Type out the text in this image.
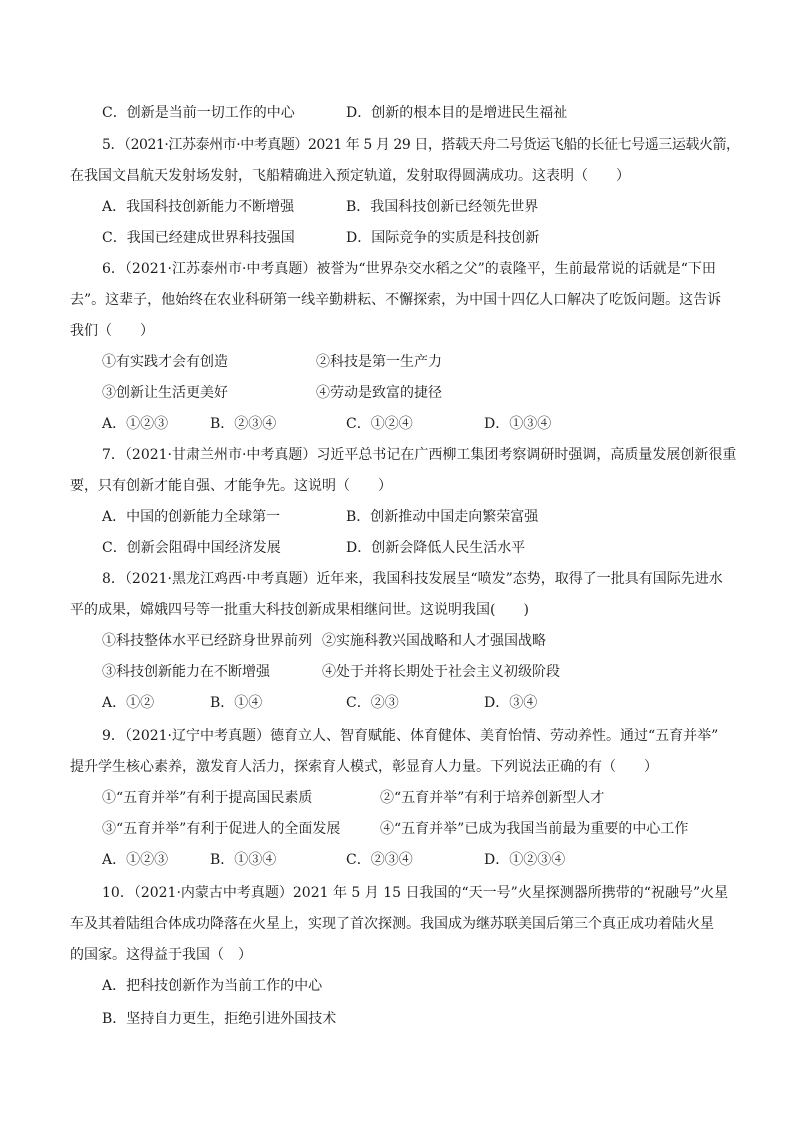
C．创新是当前一切工作的中心	D．创新的根本目的是增进民生福祉
5．（2021·江苏泰州市·中考真题）2021 年 5 月 29 日，搭载天舟二号货运飞船的长征七号遥三运载火箭，
在我国文昌航天发射场发射，飞船精确进入预定轨道，发射取得圆满成功。这表明（　　）
A．我国科技创新能力不断增强	B．我国科技创新已经领先世界
C．我国已经建成世界科技强国	D．国际竞争的实质是科技创新
6．（2021·江苏泰州市·中考真题）被誉为“世界杂交水稻之父”的袁隆平，生前最常说的话就是“下田
去”。这辈子，他始终在农业科研第一线辛勤耕耘、不懈探索，为中国十四亿人口解决了吃饭问题。这告诉
我们（　　）
①有实践才会有创造	②科技是第一生产力
③创新让生活更美好	④劳动是致富的捷径
A．①②③	B．②③④	C．①②④	D．①③④
7．（2021·甘肃兰州市·中考真题）习近平总书记在广西柳工集团考察调研时强调，高质量发展创新很重
要，只有创新才能自强、才能争先。这说明（　　）
A．中国的创新能力全球第一	B．创新推动中国走向繁荣富强
C．创新会阻碍中国经济发展	D．创新会降低人民生活水平
8．（2021·黑龙江鸡西·中考真题）近年来，我国科技发展呈“喷发”态势，取得了一批具有国际先进水
平的成果，嫦娥四号等一批重大科技创新成果相继问世。这说明我国(　　)
①科技整体水平已经跻身世界前列 ②实施科教兴国战略和人才强国战略
③科技创新能力在不断增强	④处于并将长期处于社会主义初级阶段
A．①②	B．①④	C．②③	D．③④
9．（2021·辽宁中考真题）德育立人、智育赋能、体育健体、美育怡情、劳动养性。通过“五育并举”
提升学生核心素养，激发育人活力，探索育人模式，彰显育人力量。下列说法正确的有（　　）
①“五育并举”有利于提高国民素质	②“五育并举”有利于培养创新型人才
③“五育并举”有利于促进人的全面发展	④“五育并举”已成为我国当前最为重要的中心工作
A．①②③	B．①③④	C．②③④	D．①②③④
10．（2021·内蒙古中考真题）2021 年 5 月 15 日我国的“天一号”火星探测器所携带的“祝融号”火星
车及其着陆组合体成功降落在火星上，实现了首次探测。我国成为继苏联美国后第三个真正成功着陆火星
的国家。这得益于我国（　）
A．把科技创新作为当前工作的中心
B．坚持自力更生，拒绝引进外国技术
